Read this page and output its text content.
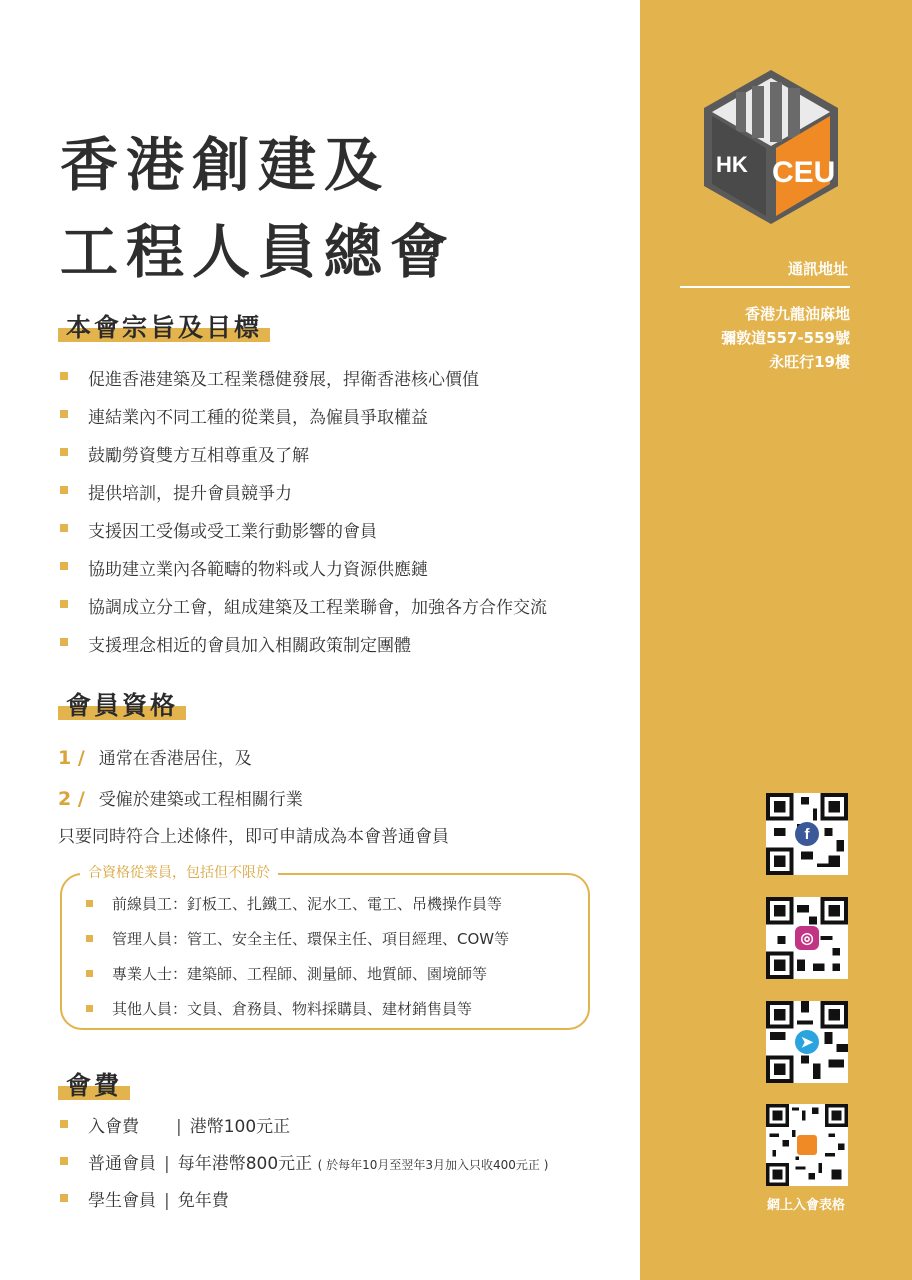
香港創建及
工程人員總會
本會宗旨及目標
促進香港建築及工程業穩健發展，捍衛香港核心價值
連結業內不同工種的從業員，為僱員爭取權益
鼓勵勞資雙方互相尊重及了解
提供培訓，提升會員競爭力
支援因工受傷或受工業行動影響的會員
協助建立業內各範疇的物料或人力資源供應鏈
協調成立分工會，組成建築及工程業聯會，加強各方合作交流
支援理念相近的會員加入相關政策制定團體
會員資格
1 / 通常在香港居住，及
2 / 受僱於建築或工程相關行業
只要同時符合上述條件，即可申請成為本會普通會員
合資格從業員，包括但不限於
前線員工：釘板工、扎鐵工、泥水工、電工、吊機操作員等
管理人員：管工、安全主任、環保主任、項目經理、COW等
專業人士：建築師、工程師、測量師、地質師、園境師等
其他人員：文員、倉務員、物料採購員、建材銷售員等
會費
入會費 | 港幣100元正
普通會員 | 每年港幣800元正 ( 於每年10月至翌年3月加入只收400元正 )
學生會員 | 免年費
HK CEU
通訊地址
香港九龍油麻地
彌敦道557-559號
永旺行19樓
f
◎
➤
網上入會表格
